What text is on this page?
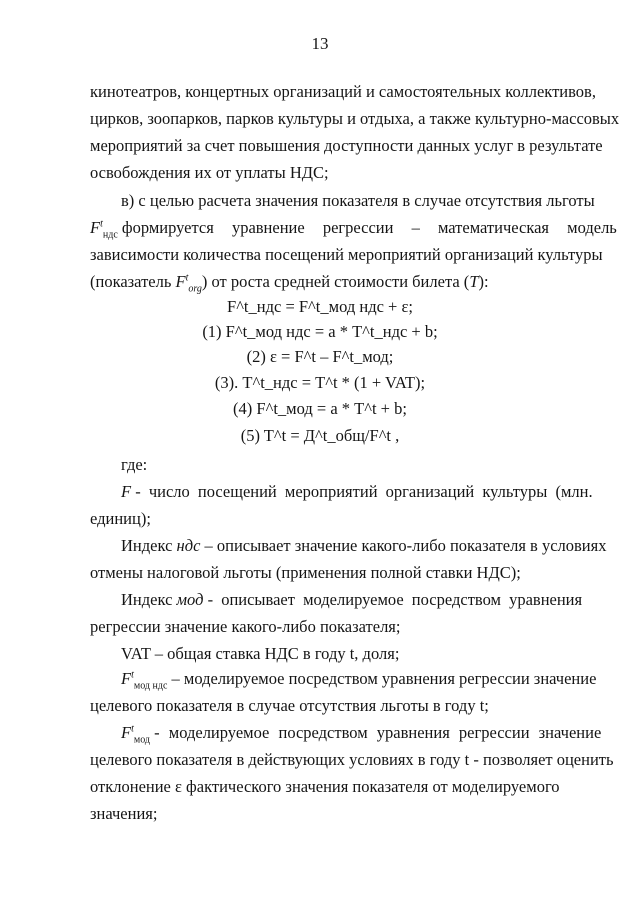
13
кинотеатров, концертных организаций и самостоятельных коллективов,
цирков, зоопарков, парков культуры и отдыха, а также культурно-массовых
мероприятий за счет повышения доступности данных услуг в результате
освобождения их от уплаты НДС;
в) с целью расчета значения показателя в случае отсутствия льготы
$F^t_{ндс}$ формируется уравнение регрессии – математическая модель
зависимости количества посещений мероприятий организаций культуры
(показатель $F^t_{org}$) от роста средней стоимости билета (T):
F^t_ндс = F^t_мод ндс + ε;
(1) F^t_мод ндс = a * Т^t_ндс + b;
(2) ε = F^t – F^t_мод;
(3). Т^t_ндс = Т^t * (1 + VAT);
(4) F^t_мод = a * Т^t + b;
(5) T^t = Д^t_общ/F^t ,
где:
F - число посещений мероприятий организаций культуры (млн.
единиц);
Индекс ндс – описывает значение какого-либо показателя в условиях
отмены налоговой льготы (применения полной ставки НДС);
Индекс мод - описывает моделируемое посредством уравнения
регрессии значение какого-либо показателя;
VAT – общая ставка НДС в году t, доля;
$F^t_{мод ндс}$ – моделируемое посредством уравнения регрессии значение
целевого показателя в случае отсутствия льготы в году t;
$F^t_{мод}$ - моделируемое посредством уравнения регрессии значение
целевого показателя в действующих условиях в году t - позволяет оценить
отклонение ε фактического значения показателя от моделируемого
значения;
